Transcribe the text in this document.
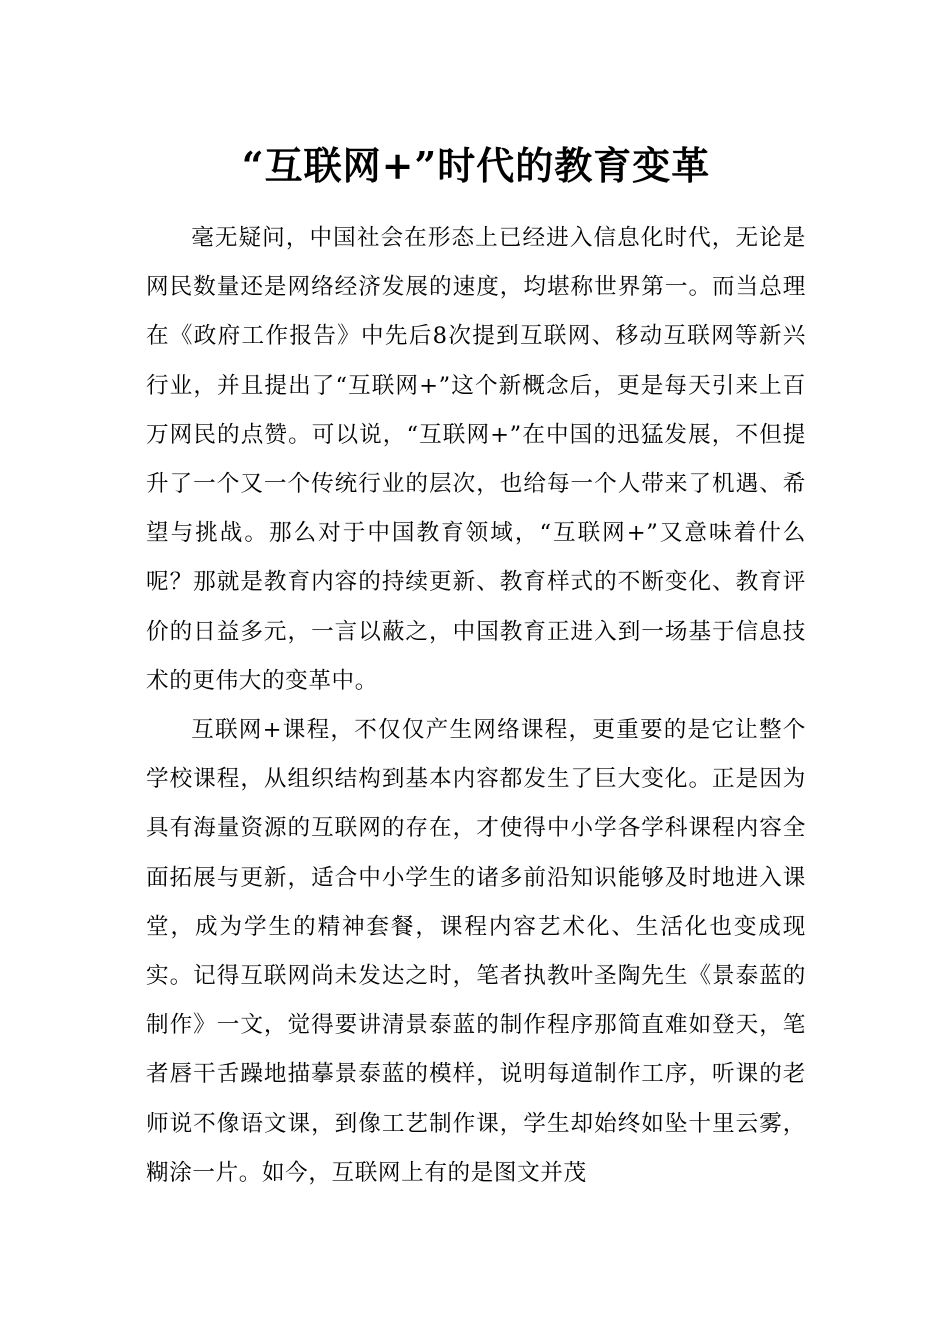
“互联网+”时代的教育变革

毫无疑问，中国社会在形态上已经进入信息化时代，无论是网民数量还是网络经济发展的速度，均堪称世界第一。而当总理在《政府工作报告》中先后8次提到互联网、移动互联网等新兴行业，并且提出了“互联网+”这个新概念后，更是每天引来上百万网民的点赞。可以说，“互联网+”在中国的迅猛发展，不但提升了一个又一个传统行业的层次，也给每一个人带来了机遇、希望与挑战。那么对于中国教育领域，“互联网+”又意味着什么呢？那就是教育内容的持续更新、教育样式的不断变化、教育评价的日益多元，一言以蔽之，中国教育正进入到一场基于信息技术的更伟大的变革中。

互联网+课程，不仅仅产生网络课程，更重要的是它让整个学校课程，从组织结构到基本内容都发生了巨大变化。正是因为具有海量资源的互联网的存在，才使得中小学各学科课程内容全面拓展与更新，适合中小学生的诸多前沿知识能够及时地进入课堂，成为学生的精神套餐，课程内容艺术化、生活化也变成现实。记得互联网尚未发达之时，笔者执教叶圣陶先生《景泰蓝的制作》一文，觉得要讲清景泰蓝的制作程序那简直难如登天，笔者唇干舌躁地描摹景泰蓝的模样，说明每道制作工序，听课的老师说不像语文课，到像工艺制作课，学生却始终如坠十里云雾，糊涂一片。如今，互联网上有的是图文并茂
